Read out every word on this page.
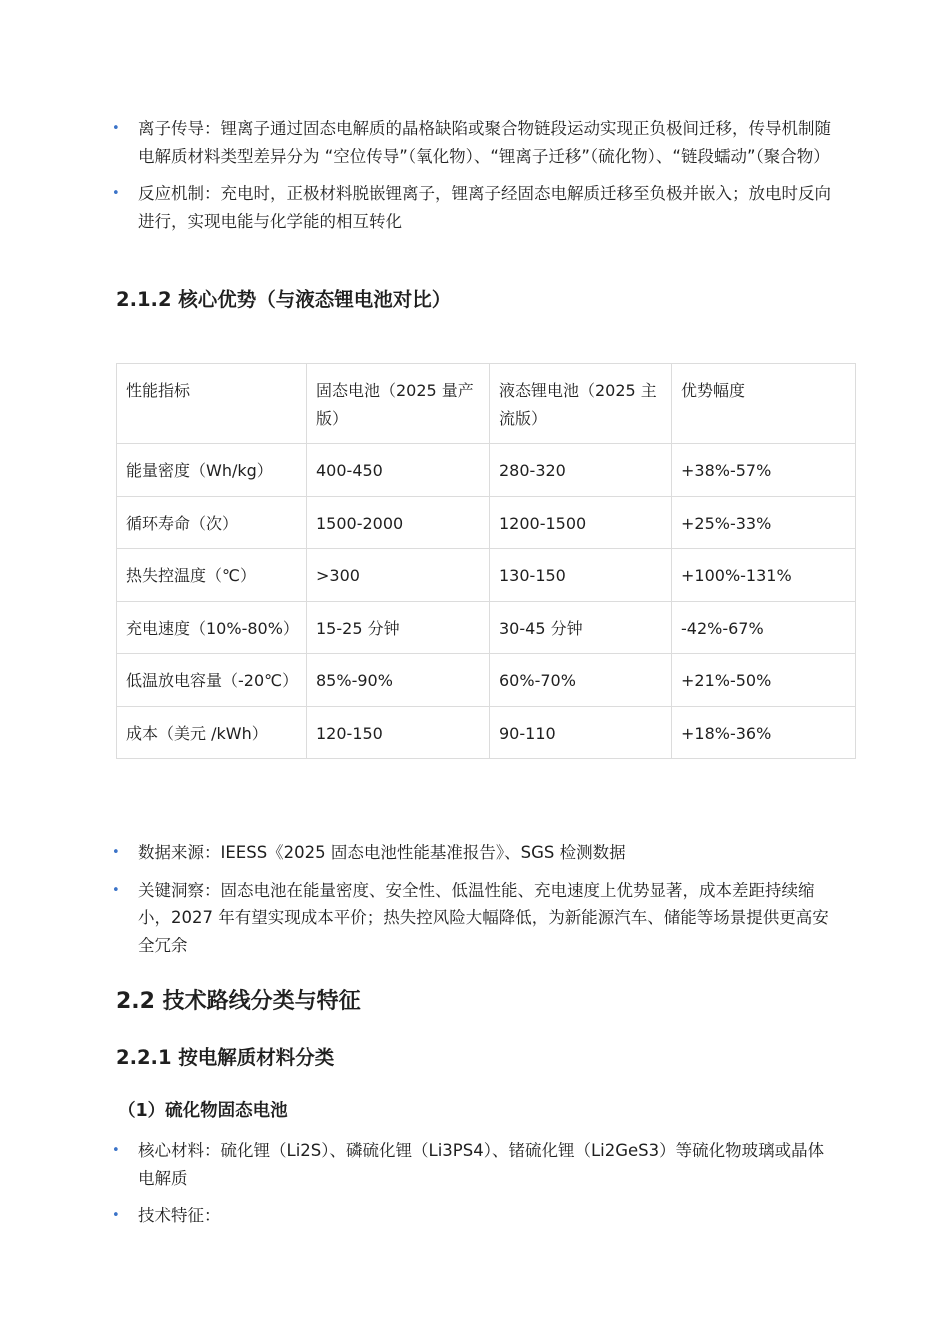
• 离子传导：锂离子通过固态电解质的晶格缺陷或聚合物链段运动实现正负极间迁移，传导机制随电解质材料类型差异分为 “空位传导”（氧化物）、“锂离子迁移”（硫化物）、“链段蠕动”（聚合物）
• 反应机制：充电时，正极材料脱嵌锂离子，锂离子经固态电解质迁移至负极并嵌入；放电时反向进行，实现电能与化学能的相互转化
2.1.2 核心优势（与液态锂电池对比）
性能指标	固态电池（2025 量产版）	液态锂电池（2025 主流版）	优势幅度
能量密度（Wh/kg）	400-450	280-320	+38%-57%
循环寿命（次）	1500-2000	1200-1500	+25%-33%
热失控温度（℃）	>300	130-150	+100%-131%
充电速度（10%-80%）	15-25 分钟	30-45 分钟	-42%-67%
低温放电容量（-20℃）	85%-90%	60%-70%	+21%-50%
成本（美元 /kWh）	120-150	90-110	+18%-36%
• 数据来源：IEESS《2025 固态电池性能基准报告》、SGS 检测数据
• 关键洞察：固态电池在能量密度、安全性、低温性能、充电速度上优势显著，成本差距持续缩小，2027 年有望实现成本平价；热失控风险大幅降低，为新能源汽车、储能等场景提供更高安全冗余
2.2 技术路线分类与特征
2.2.1 按电解质材料分类
（1）硫化物固态电池
• 核心材料：硫化锂（Li2S）、磷硫化锂（Li3PS4）、锗硫化锂（Li2GeS3）等硫化物玻璃或晶体电解质
• 技术特征：
